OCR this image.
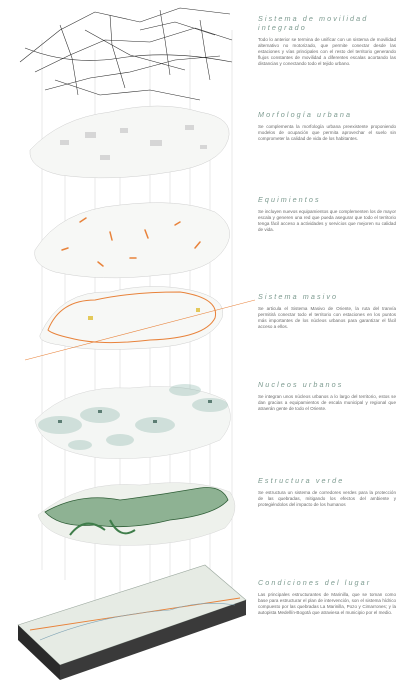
Sistema de movilidad integrado
Todo lo anterior se termina de unificar con un sistema de movilidad alternativo no motorizado, que permite conectar desde las estaciones y vías principales con el resto del territorio generando flujos constantes de movilidad a diferentes escalas acortando las distancias y conectando todo el tejido urbano.
Morfología urbana
Se complementa la morfología urbana preexistente proponiendo modelos de ocupación que permita aprovechar el suelo sin comprometer la calidad de vida de los habitantes.
Equimientos
Se incluyen nuevos equipamientos que complementen los de mayor escala y generen una red que pueda asegurar que todo el territorio tenga fácil acceso a actividades y servicios que mejoren su calidad de vida.
Sistema masivo
Se articula el Sistema Masivo de Oriente, la ruta del tranvía permitirá conectar todo el territorio con estaciones en los puntos más importantes de los núcleos urbanos para garantizar el fácil acceso a ellos.
Nucleos urbanos
Se integran unos núcleos urbanos a lo largo del territorio, estos se dan gracias a equipamientos de escala municipal y regional que atraerán gente de todo el Oriente.
Estructura verde
Se estructura un sistema de corredores verdes para la protección de las quebradas, mitigando los efectos del ambiente y protegiéndolos del impacto de los humanos
Condiciones del lugar
Las principales estructurantes de Marinilla, que se toman como base para estructurar el plan de intervención, son el sistema hídrico compuesto por las quebradas La Marinilla, Pozo y Cimarrones; y la autopista Medellín-Bogotá que atraviesa el municipio por el medio.
